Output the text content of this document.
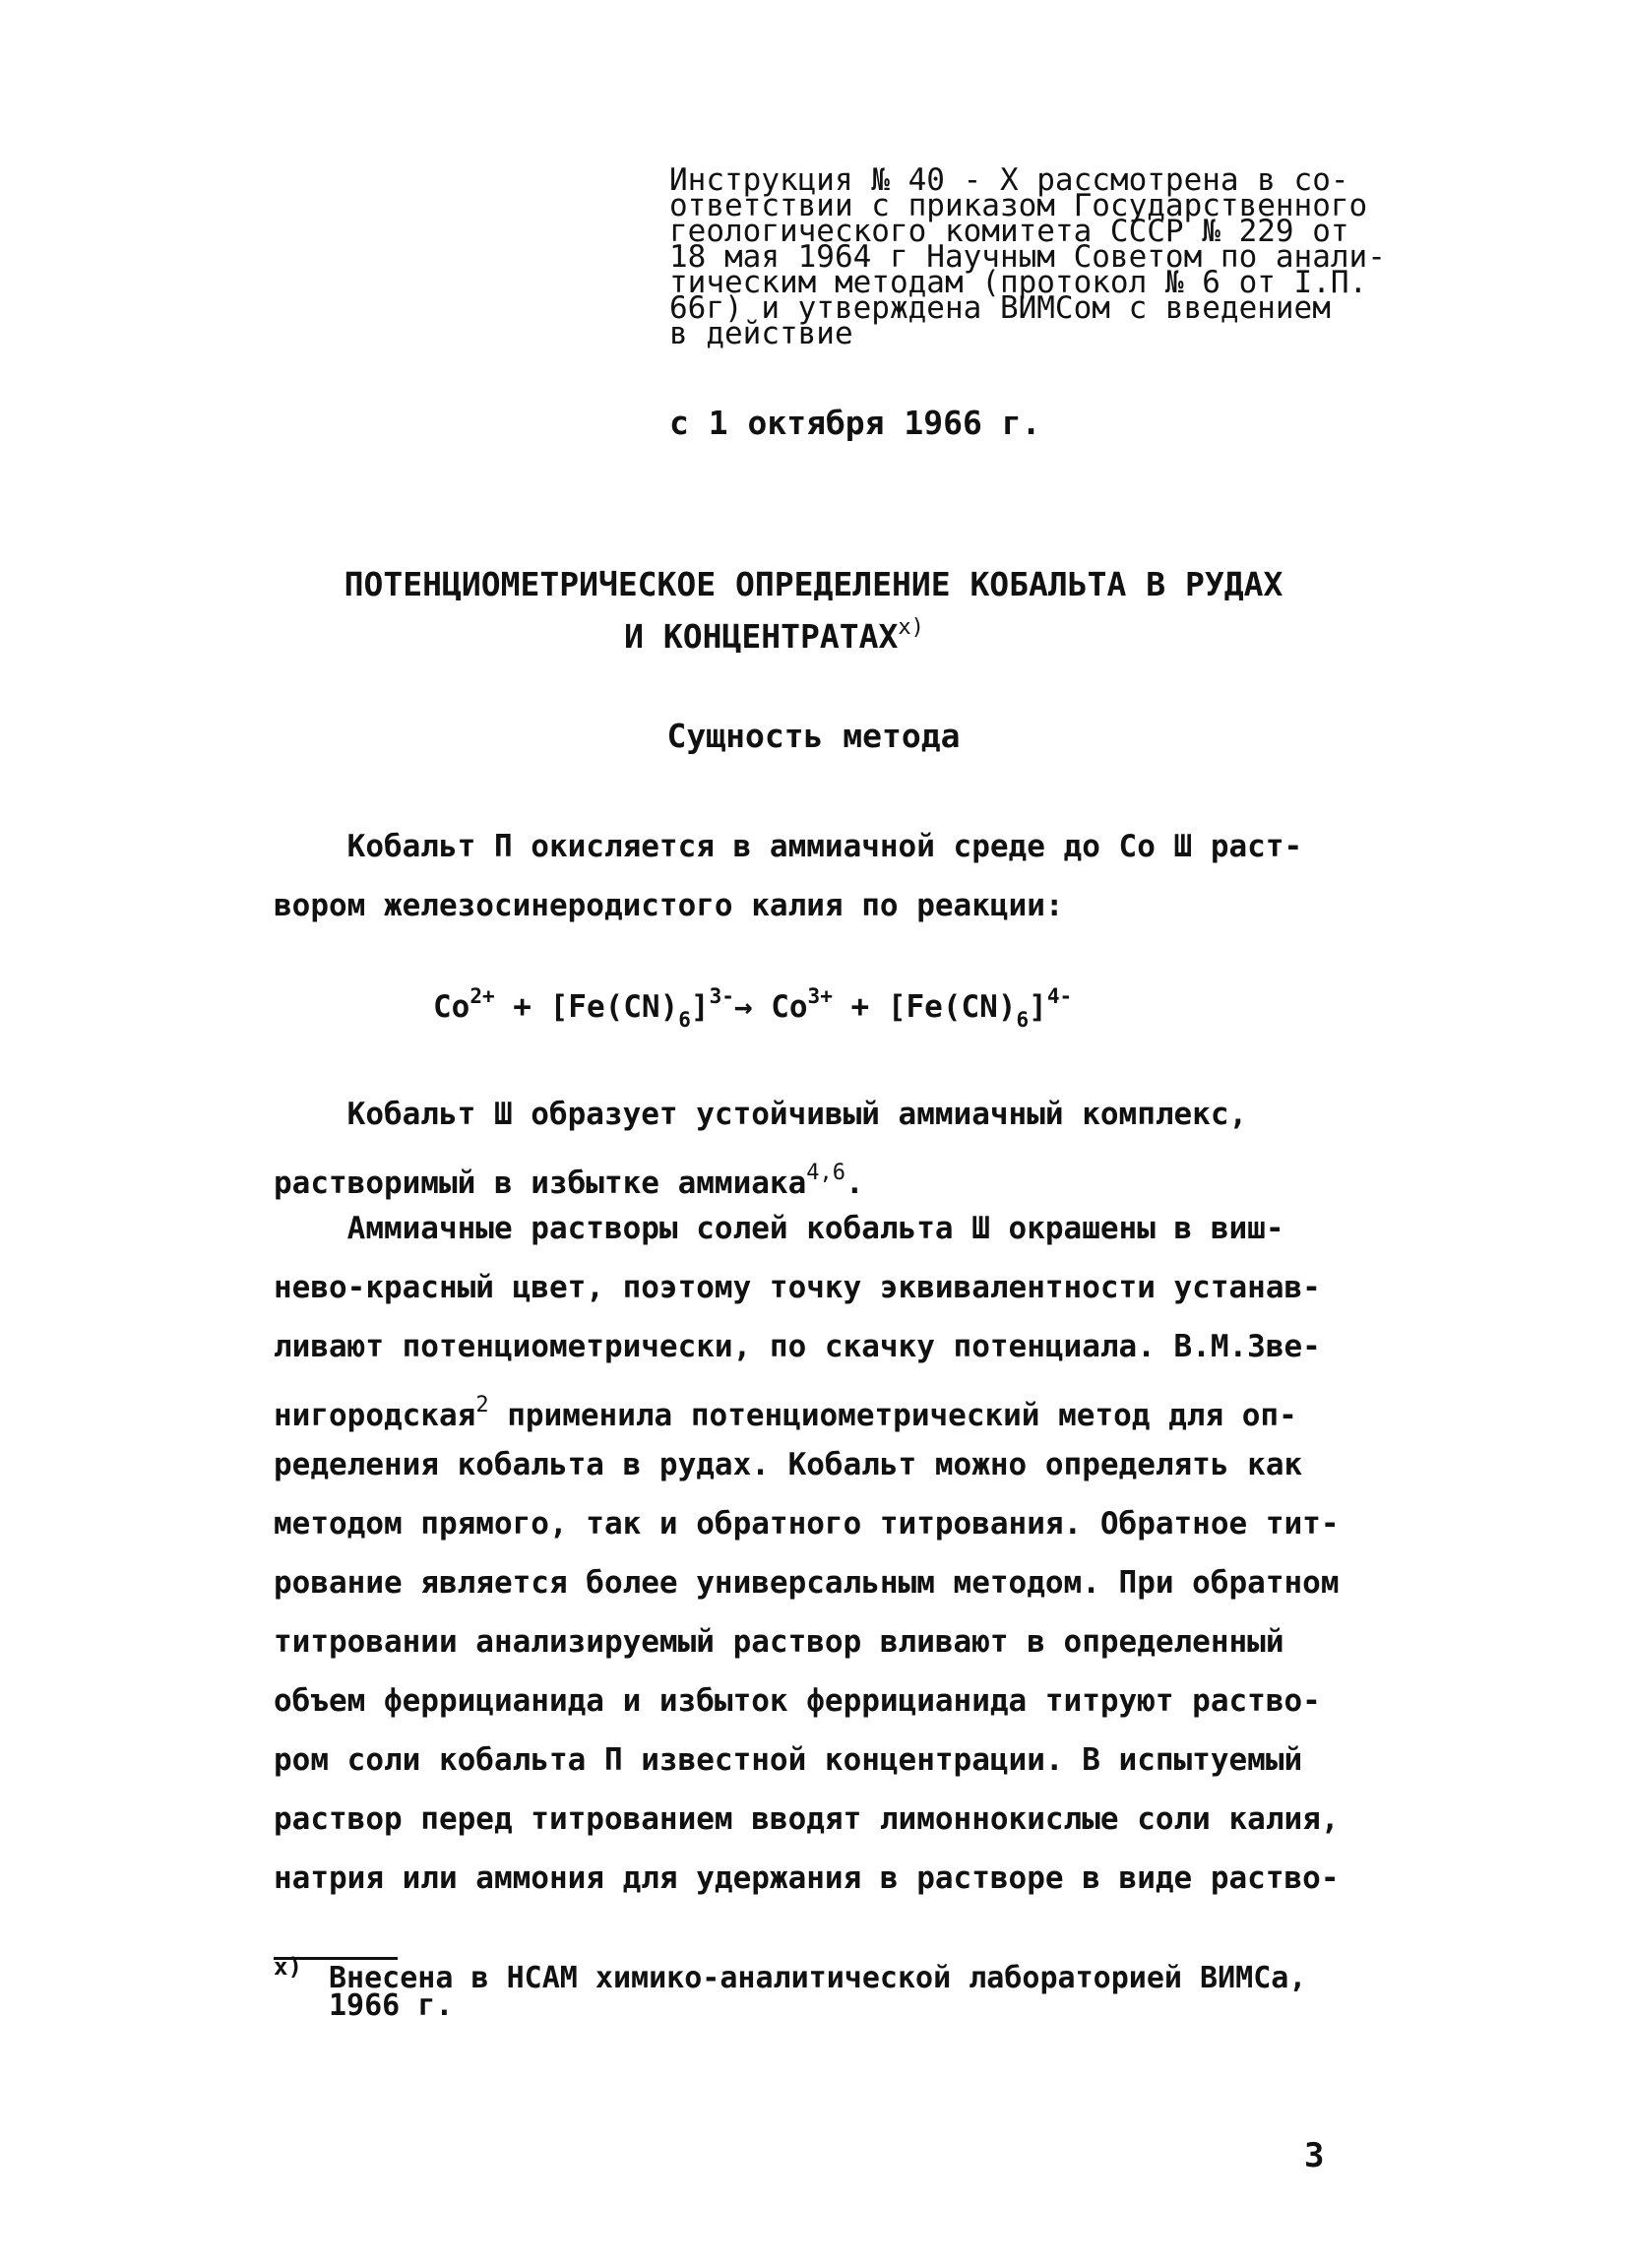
Инструкция № 40 - Х рассмотрена в со-
ответствии с приказом Государственного
геологического комитета СССР № 229 от
18 мая 1964 г Научным Советом по анали-
тическим методам (протокол № 6 от I.П.
66г) и утверждена ВИМСом с введением
в действие
с 1 октября 1966 г.
ПОТЕНЦИОМЕТРИЧЕСКОЕ ОПРЕДЕЛЕНИЕ КОБАЛЬТА В РУДАХ
И $КОНЦЕНТРАТАХ^{х)}$
Сущность метода
Кобальт П окисляется в аммиачной среде до Со Ш раст-
вором железосинеродистого калия по реакции:
$Co^{2+} + [Fe(CN)_6]^{3-}\to Co^{3+} + [Fe(CN)_6]^{4-}$
Кобальт Ш образует устойчивый аммиачный комплекс,
растворимый в избытке аммиака$^{4,6}$.
Аммиачные растворы солей кобальта Ш окрашены в виш-
нево-красный цвет, поэтому точку эквивалентности устанав-
ливают потенциометрически, по скачку потенциала. В.М.Зве-
нигородская$^2$ применила потенциометрический метод для оп-
ределения кобальта в рудах. Кобальт можно определять как
методом прямого, так и обратного титрования. Обратное тит-
рование является более универсальным методом. При обратном
титровании анализируемый раствор вливают в определенный
объем феррицианида и избыток феррицианида титруют раство-
ром соли кобальта П известной концентрации. В испытуемый
раствор перед титрованием вводят лимоннокислые соли калия,
натрия или аммония для удержания в растворе в виде раство-
х) Внесена в НСАМ химико-аналитической лабораторией ВИМСа,
1966 г.
3
